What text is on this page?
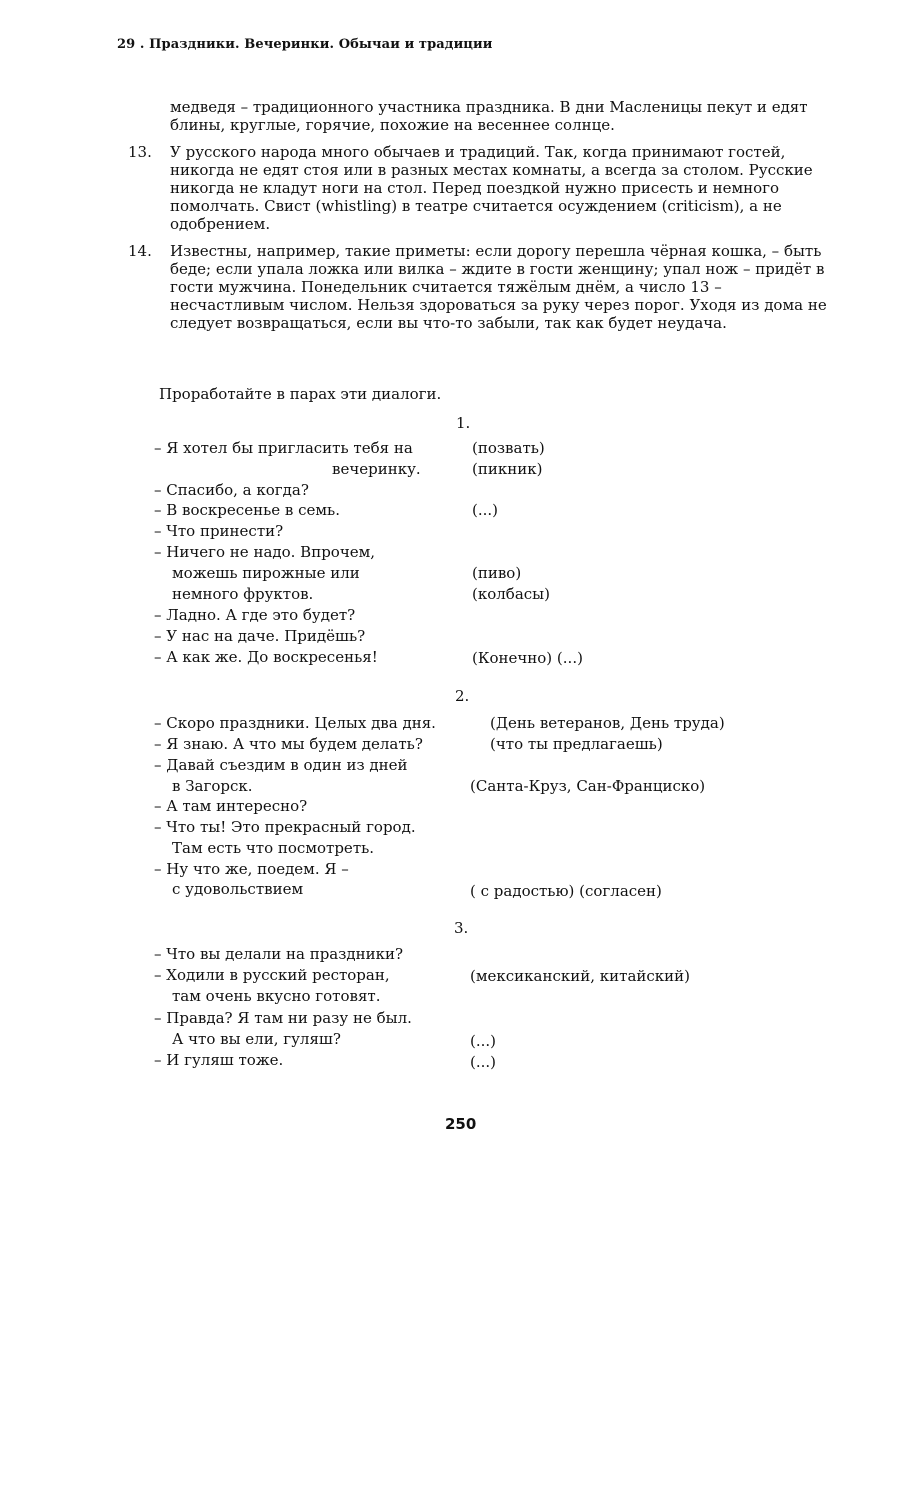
29 . Праздники. Вечеринки. Обычаи и традиции

медведя – традиционного участника праздника. В дни Масленицы пекут и едят блины, круглые, горячие, похожие на весеннее солнце.

13. У русского народа много обычаев и традиций. Так, когда принимают гостей, никогда не едят стоя или в разных местах комнаты, а всегда за столом. Русские никогда не кладут ноги на стол. Перед поездкой нужно присесть и немного помолчать. Свист (whistling) в театре считается осуждением (criticism), а не одобрением.

14. Известны, например, такие приметы: если дорогу перешла чёрная кошка, – быть беде; если упала ложка или вилка – ждите в гости женщину; упал нож – придёт в гости мужчина. Понедельник считается тяжёлым днём, а число 13 – несчастливым числом. Нельзя здороваться за руку через порог. Уходя из дома не следует возвращаться, если вы что-то забыли, так как будет неудача.

Проработайте в парах эти диалоги.
1.
– Я хотел бы пригласить тебя на
вечеринку.
– Спасибо, а когда?
– В воскресенье в семь.
– Что принести?
– Ничего не надо. Впрочем,
можешь пирожные или
немного фруктов.
– Ладно. А где это будет?
– У нас на даче. Придёшь?
– А как же. До воскресенья!
(позвать)
(пикник)
(...)
(пиво)
(колбасы)
(Конечно) (...)
2.
– Скоро праздники. Целых два дня.
– Я знаю. А что мы будем делать?
– Давай съездим в один из дней
в Загорск.
– А там интересно?
– Что ты! Это прекрасный город.
Там есть что посмотреть.
– Ну что же, поедем. Я –
с удовольствием
(День ветеранов, День труда)
(что ты предлагаешь)
(Санта-Круз, Сан-Франциско)
( с радостью) (согласен)
3.
– Что вы делали на праздники?
– Ходили в русский ресторан,
там очень вкусно готовят.
– Правда? Я там ни разу не был.
А что вы ели, гуляш?
– И гуляш тоже.
(мексиканский, китайский)
(...)
(...)
250
